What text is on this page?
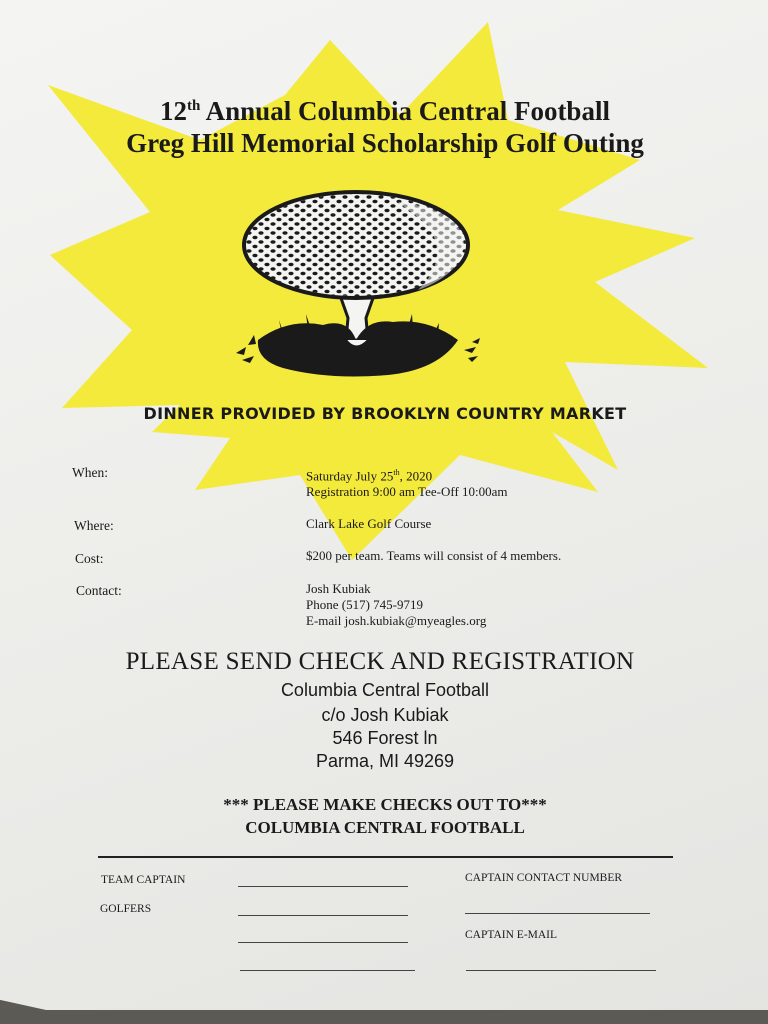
12th Annual Columbia Central Football
Greg Hill Memorial Scholarship Golf Outing
DINNER PROVIDED BY BROOKLYN COUNTRY MARKET
When:	Saturday July 25th, 2020
Registration 9:00 am Tee-Off 10:00am
Where:	Clark Lake Golf Course
Cost:	$200 per team. Teams will consist of 4 members.
Contact:	Josh Kubiak
Phone (517) 745-9719
E-mail josh.kubiak@myeagles.org
PLEASE SEND CHECK AND REGISTRATION
Columbia Central Football
c/o Josh Kubiak
546 Forest ln
Parma, MI 49269
*** PLEASE MAKE CHECKS OUT TO***
COLUMBIA CENTRAL FOOTBALL
TEAM CAPTAIN
GOLFERS
CAPTAIN CONTACT NUMBER
CAPTAIN E-MAIL
